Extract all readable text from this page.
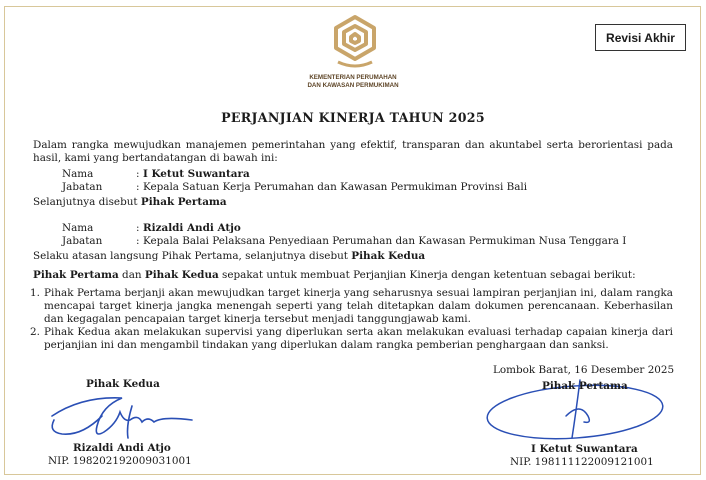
Revisi Akhir
KEMENTERIAN PERUMAHAN
DAN KAWASAN PERMUKIMAN
PERJANJIAN KINERJA TAHUN 2025
Dalam rangka mewujudkan manajemen pemerintahan yang efektif, transparan dan akuntabel serta berorientasi pada hasil, kami yang bertandatangan di bawah ini:
Nama	: I Ketut Suwantara
Jabatan	: Kepala Satuan Kerja Perumahan dan Kawasan Permukiman Provinsi Bali
Selanjutnya disebut Pihak Pertama
Nama	: Rizaldi Andi Atjo
Jabatan	: Kepala Balai Pelaksana Penyediaan Perumahan dan Kawasan Permukiman Nusa Tenggara I
Selaku atasan langsung Pihak Pertama, selanjutnya disebut Pihak Kedua
Pihak Pertama dan Pihak Kedua sepakat untuk membuat Perjanjian Kinerja dengan ketentuan sebagai berikut:
1. Pihak Pertama berjanji akan mewujudkan target kinerja yang seharusnya sesuai lampiran perjanjian ini, dalam rangka mencapai target kinerja jangka menengah seperti yang telah ditetapkan dalam dokumen perencanaan. Keberhasilan dan kegagalan pencapaian target kinerja tersebut menjadi tanggungjawab kami.
2. Pihak Kedua akan melakukan supervisi yang diperlukan serta akan melakukan evaluasi terhadap capaian kinerja dari perjanjian ini dan mengambil tindakan yang diperlukan dalam rangka pemberian penghargaan dan sanksi.
Lombok Barat, 16 Desember 2025
Pihak Kedua
Rizaldi Andi Atjo
NIP. 198202192009031001
Pihak Pertama
I Ketut Suwantara
NIP. 198111122009121001
